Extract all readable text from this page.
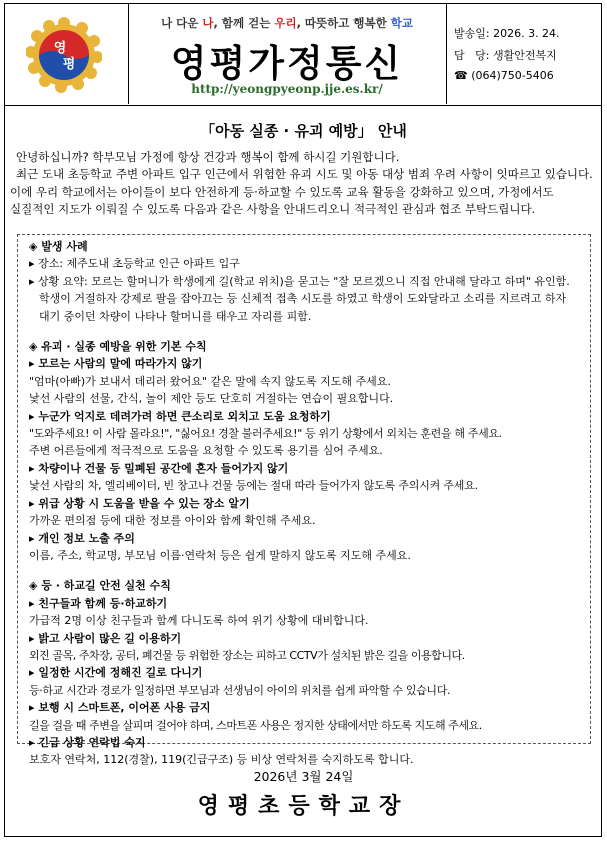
영
평
나 다운 나, 함께 걷는 우리, 따뜻하고 행복한 학교
영평가정통신
http://yeongpyeonp.jje.es.kr/
발송일: 2026. 3. 24.
담   당: 생활안전복지
☎ (064)750-5406
「아동 실종 · 유괴 예방」 안내

안녕하십니까? 학부모님 가정에 항상 건강과 행복이 함께 하시길 기원합니다.

최근 도내 초등학교 주변 아파트 입구 인근에서 위험한 유괴 시도 및 아동 대상 범죄 우려 사항이 잇따르고 있습니다. 이에 우리 학교에서는 아이들이 보다 안전하게 등·하교할 수 있도록 교육 활동을 강화하고 있으며, 가정에서도 실질적인 지도가 이뤄질 수 있도록 다음과 같은 사항을 안내드리오니 적극적인 관심과 협조 부탁드립니다.

◈ 발생 사례

▸ 장소: 제주도내 초등학교 인근 아파트 입구

▸ 상황 요약: 모르는 할머니가 학생에게 길(학교 위치)을 묻고는 "잘 모르겠으니 직접 안내해 달라고 하며" 유인함. 학생이 거절하자 강제로 팔을 잡아끄는 등 신체적 접촉 시도를 하였고 학생이 도와달라고 소리를 지르려고 하자 대기 중이던 차량이 나타나 할머니를 태우고 자리를 피함.

◈ 유괴 · 실종 예방을 위한 기본 수칙

▸ 모르는 사람의 말에 따라가지 않기

"엄마(아빠)가 보내서 데리러 왔어요" 같은 말에 속지 않도록 지도해 주세요.

낯선 사람의 선물, 간식, 놀이 제안 등도 단호히 거절하는 연습이 필요합니다.

▸ 누군가 억지로 데려가려 하면 큰소리로 외치고 도움 요청하기

"도와주세요! 이 사람 몰라요!", "싫어요! 경찰 불러주세요!" 등 위기 상황에서 외치는 훈련을 해 주세요.

주변 어른들에게 적극적으로 도움을 요청할 수 있도록 용기를 심어 주세요.

▸ 차량이나 건물 등 밀폐된 공간에 혼자 들어가지 않기

낯선 사람의 차, 엘리베이터, 빈 창고나 건물 등에는 절대 따라 들어가지 않도록 주의시켜 주세요.

▸ 위급 상황 시 도움을 받을 수 있는 장소 알기

가까운 편의점 등에 대한 정보를 아이와 함께 확인해 주세요.

▸ 개인 정보 노출 주의

이름, 주소, 학교명, 부모님 이름·연락처 등은 쉽게 말하지 않도록 지도해 주세요.

◈ 등 · 하교길 안전 실천 수칙

▸ 친구들과 함께 등·하교하기

가급적 2명 이상 친구들과 함께 다니도록 하여 위기 상황에 대비합니다.

▸ 밝고 사람이 많은 길 이용하기

외진 골목, 주차장, 공터, 폐건물 등 위험한 장소는 피하고 CCTV가 설치된 밝은 길을 이용합니다.

▸ 일정한 시간에 정해진 길로 다니기

등·하교 시간과 경로가 일정하면 부모님과 선생님이 아이의 위치를 쉽게 파악할 수 있습니다.

▸ 보행 시 스마트폰, 이어폰 사용 금지

길을 걸을 때 주변을 살피며 걸어야 하며, 스마트폰 사용은 정지한 상태에서만 하도록 지도해 주세요.

▸ 긴급 상황 연락법 숙지

보호자 연락처, 112(경찰), 119(긴급구조) 등 비상 연락처를 숙지하도록 합니다.

2026년 3월 24일
영평초등학교장
